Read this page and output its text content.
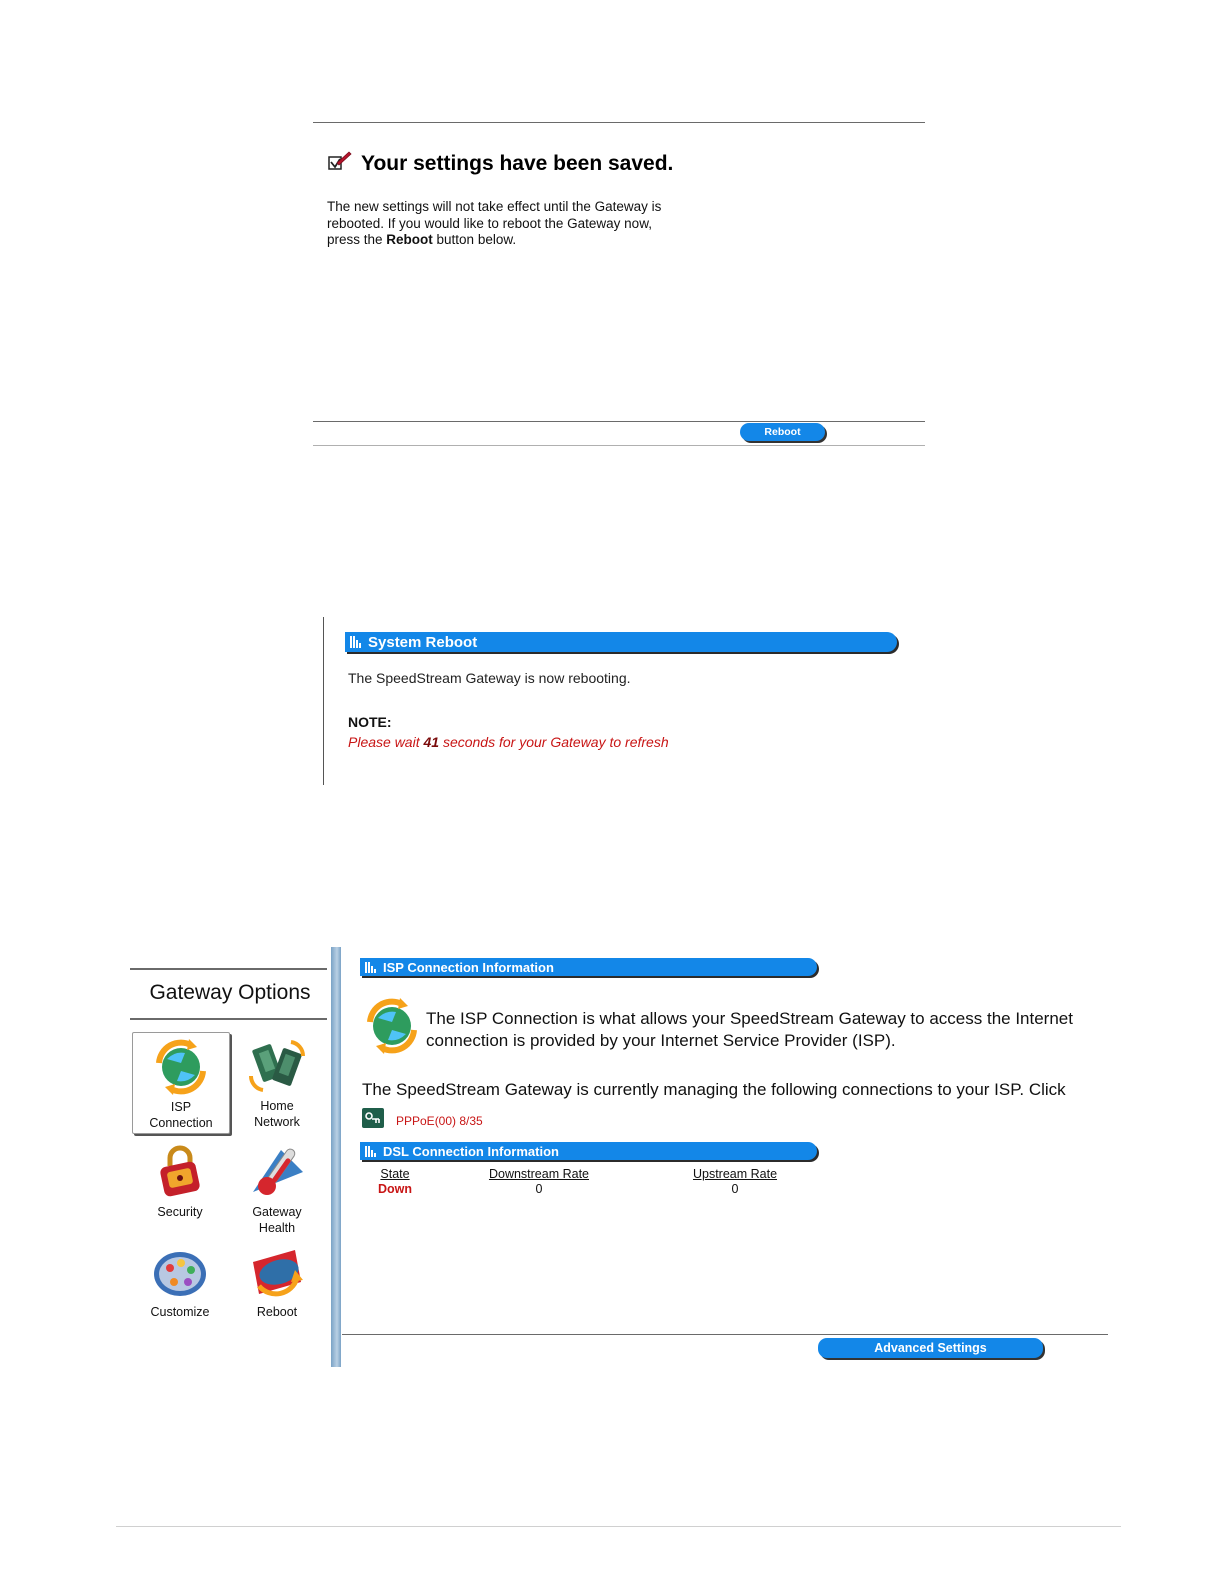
Your settings have been saved.
The new settings will not take effect until the Gateway is rebooted. If you would like to reboot the Gateway now, press the Reboot button below.
Reboot
System Reboot
The SpeedStream Gateway is now rebooting.
NOTE:
Please wait 41 seconds for your Gateway to refresh
Gateway Options
ISP
Connection
Home
Network
Security	Gateway
Health
Customize	Reboot
ISP Connection Information
The ISP Connection is what allows your SpeedStream Gateway to access the Internet connection is provided by your Internet Service Provider (ISP).
The SpeedStream Gateway is currently managing the following connections to your ISP. Click
PPPoE(00) 8/35
DSL Connection Information
State
Down
Downstream Rate
0
Upstream Rate
0
Advanced Settings
